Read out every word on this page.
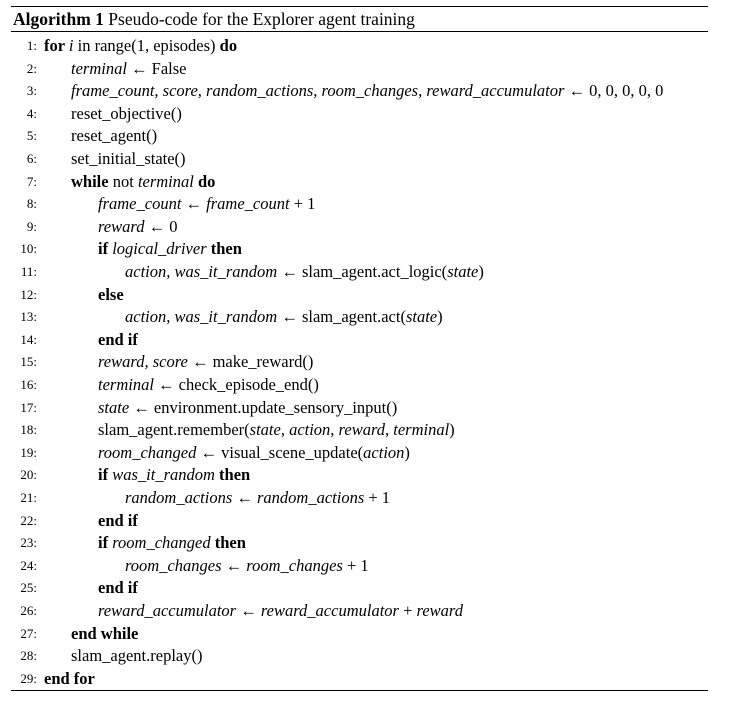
Algorithm 1 Pseudo-code for the Explorer agent training
1: for i in range(1, episodes) do
2: terminal ← False
3: frame_count, score, random_actions, room_changes, reward_accumulator ← 0, 0, 0, 0, 0
4: reset_objective()
5: reset_agent()
6: set_initial_state()
7: while not terminal do
8:	frame_count ← frame_count + 1
9:	reward ← 0
10:	if logical_driver then
11:	action, was_it_random ← slam_agent.act_logic(state)
12:	else
13:	action, was_it_random ← slam_agent.act(state)
14:	end if
15:	reward, score ← make_reward()
16:	terminal ← check_episode_end()
17:	state ← environment.update_sensory_input()
18:	slam_agent.remember(state, action, reward, terminal)
19:	room_changed ← visual_scene_update(action)
20:	if was_it_random then
21:	random_actions ← random_actions + 1
22:	end if
23:	if room_changed then
24:	room_changes ← room_changes + 1
25:	end if
26:	reward_accumulator ← reward_accumulator + reward
27: end while
28: slam_agent.replay()
29: end for
